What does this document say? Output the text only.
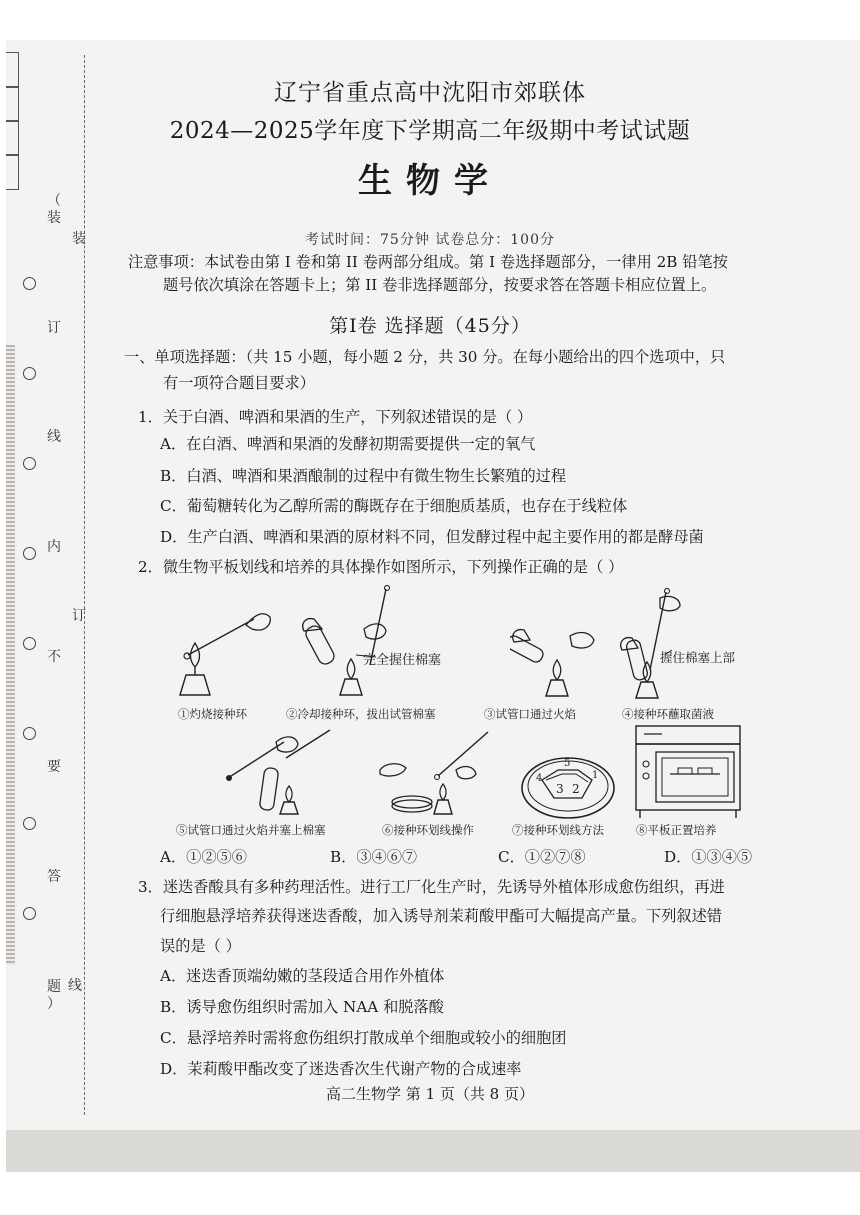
（
装
订
线
内
不
要
答
题
）
装
订
线
辽宁省重点高中沈阳市郊联体
2024—2025学年度下学期高二年级期中考试试题
生物学
考试时间：75分钟 试卷总分：100分
注意事项：本试卷由第 I 卷和第 II 卷两部分组成。第 I 卷选择题部分，一律用 2B 铅笔按
题号依次填涂在答题卡上；第 II 卷非选择题部分，按要求答在答题卡相应位置上。
第Ⅰ卷 选择题（45分）
一、单项选择题：（共 15 小题，每小题 2 分，共 30 分。在每小题给出的四个选项中，只
有一项符合题目要求）
1．关于白酒、啤酒和果酒的生产，下列叙述错误的是（ ）
A．在白酒、啤酒和果酒的发酵初期需要提供一定的氧气
B．白酒、啤酒和果酒酿制的过程中有微生物生长繁殖的过程
C．葡萄糖转化为乙醇所需的酶既存在于细胞质基质，也存在于线粒体
D．生产白酒、啤酒和果酒的原材料不同，但发酵过程中起主要作用的都是酵母菌
2．微生物平板划线和培养的具体操作如图所示，下列操作正确的是（ ）
完全握住棉塞	握住棉塞上部
①灼烧接种环	②冷却接种环，拔出试管棉塞	③试管口通过火焰	④接种环蘸取菌液
5
4
3 2
1
⑤试管口通过火焰并塞上棉塞	⑥接种环划线操作	⑦接种环划线方法	⑧平板正置培养
A．①②⑤⑥	B．③④⑥⑦	C．①②⑦⑧	D．①③④⑤
3．迷迭香酸具有多种药理活性。进行工厂化生产时，先诱导外植体形成愈伤组织，再进
行细胞悬浮培养获得迷迭香酸，加入诱导剂茉莉酸甲酯可大幅提高产量。下列叙述错
误的是（ ）
A．迷迭香顶端幼嫩的茎段适合用作外植体
B．诱导愈伤组织时需加入 NAA 和脱落酸
C．悬浮培养时需将愈伤组织打散成单个细胞或较小的细胞团
D．茉莉酸甲酯改变了迷迭香次生代谢产物的合成速率
高二生物学 第 1 页（共 8 页）
